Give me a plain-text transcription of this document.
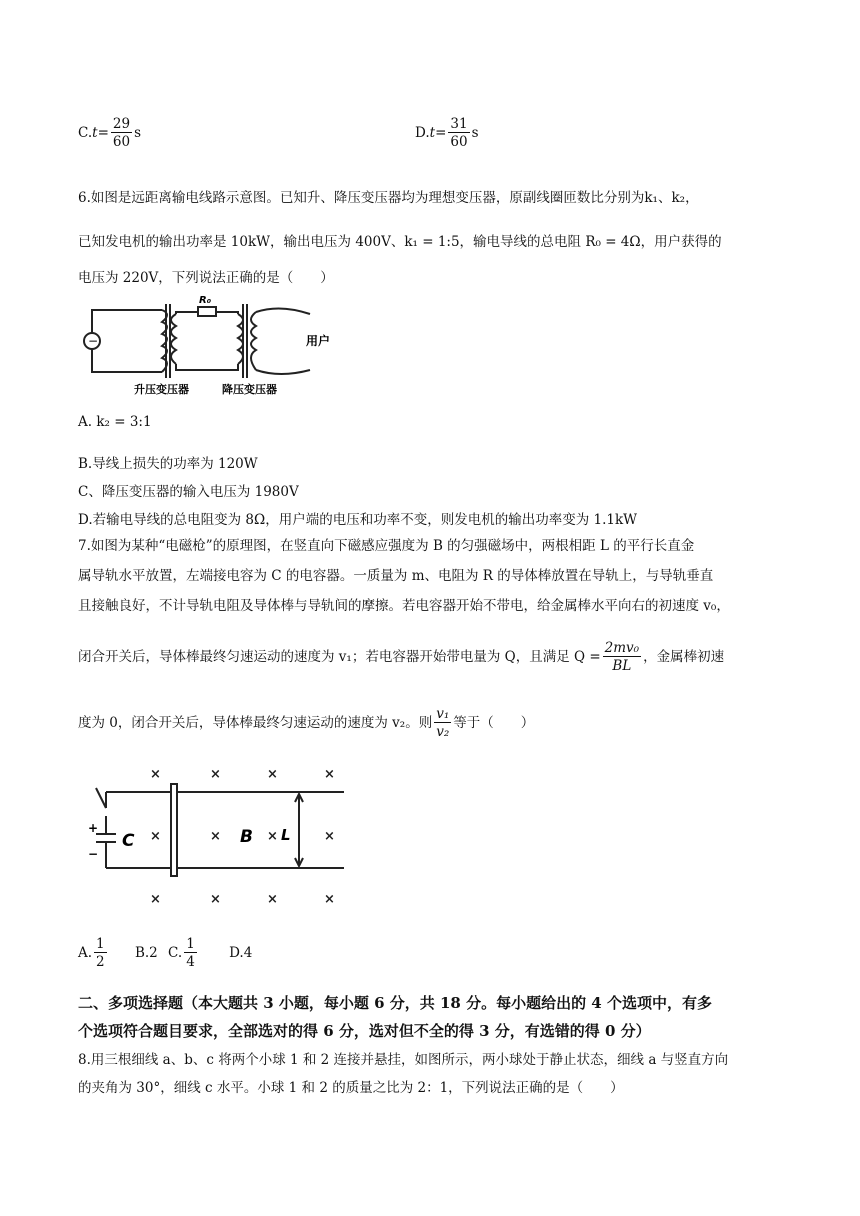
$C.t= \frac{29}{60}$ s	$D.t= \frac{31}{60}$ s
6.如图是远距离输电线路示意图。已知升、降压变压器均为理想变压器，原副线圈匝数比分别为k₁、k₂，
已知发电机的输出功率是 10kW，输出电压为 400V、k₁ = 1:5，输电导线的总电阻 R₀ = 4Ω，用户获得的
电压为 220V，下列说法正确的是（　　）
−
R₀
用户
升压变压器	降压变压器
A. k₂ = 3:1
B.导线上损失的功率为 120W
C、降压变压器的输入电压为 1980V
D.若输电导线的总电阻变为 8Ω，用户端的电压和功率不变，则发电机的输出功率变为 1.1kW
7.如图为某种“电磁枪”的原理图，在竖直向下磁感应强度为 B 的匀强磁场中，两根相距 L 的平行长直金
属导轨水平放置，左端接电容为 C 的电容器。一质量为 m、电阻为 R 的导体棒放置在导轨上，与导轨垂直
且接触良好，不计导轨电阻及导体棒与导轨间的摩擦。若电容器开始不带电，给金属棒水平向右的初速度 v₀，
闭合开关后，导体棒最终匀速运动的速度为 v₁；若电容器开始带电量为 Q，且满足 $Q = \frac{\text{2mv₀}}{BL}$ ，金属棒初速
度为 0，闭合开关后，导体棒最终匀速运动的速度为 v₂。则 $\frac{\text{v₁}}{\text{v₂}}$ 等于（　　）
×	×	×	×
×	×	×	×
×	×	×	×
+
−
C	B L
A. $\frac{1}{2} B.2$ C. $\frac{1}{4} D.4$
二、多项选择题（本大题共 3 小题，每小题 6 分，共 18 分。每小题给出的 4 个选项中，有多
个选项符合题目要求，全部选对的得 6 分，选对但不全的得 3 分，有选错的得 0 分）
8.用三根细线 a、b、c 将两个小球 1 和 2 连接并悬挂，如图所示，两小球处于静止状态，细线 a 与竖直方向
的夹角为 30°，细线 c 水平。小球 1 和 2 的质量之比为 2：1，下列说法正确的是（　　）
